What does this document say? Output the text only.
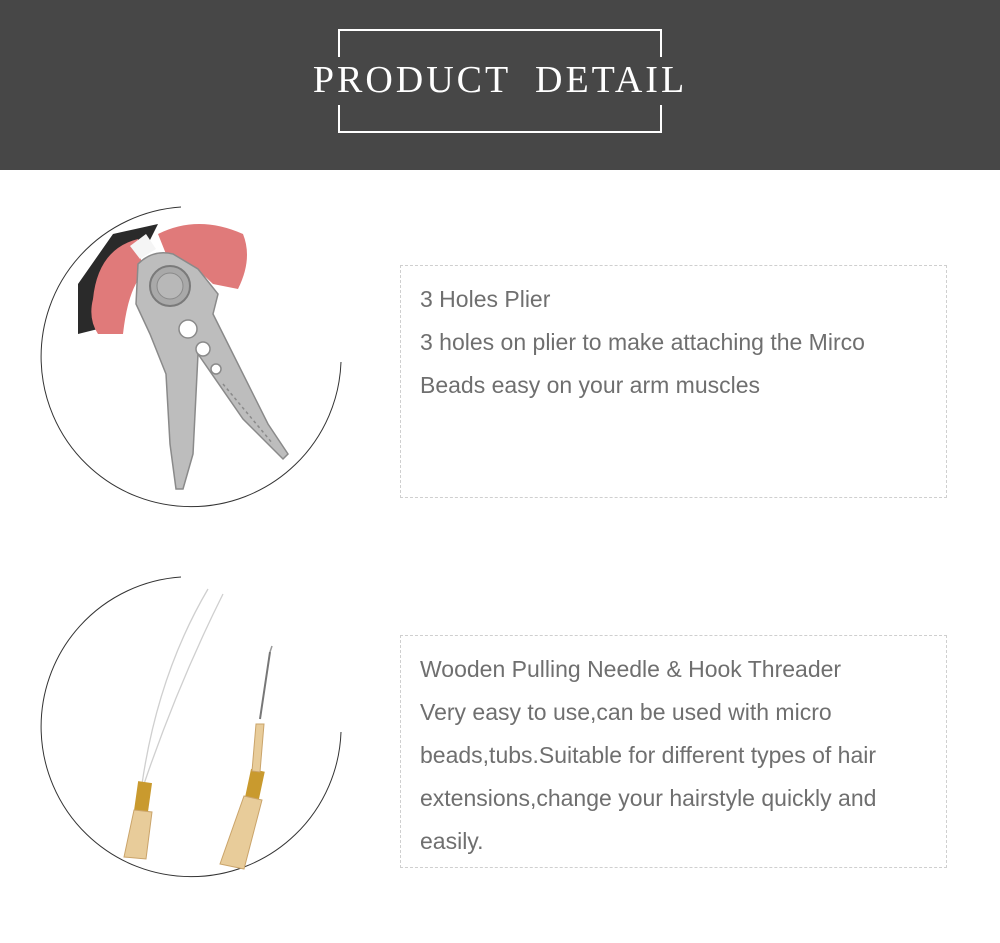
PRODUCT DETAIL

3 Holes Plier

3 holes on plier to make attaching the Mirco Beads easy on your arm muscles

Wooden Pulling Needle & Hook Threader

Very easy to use,can be used with micro beads,tubs.Suitable for different types of hair extensions,change your hairstyle quickly and easily.
